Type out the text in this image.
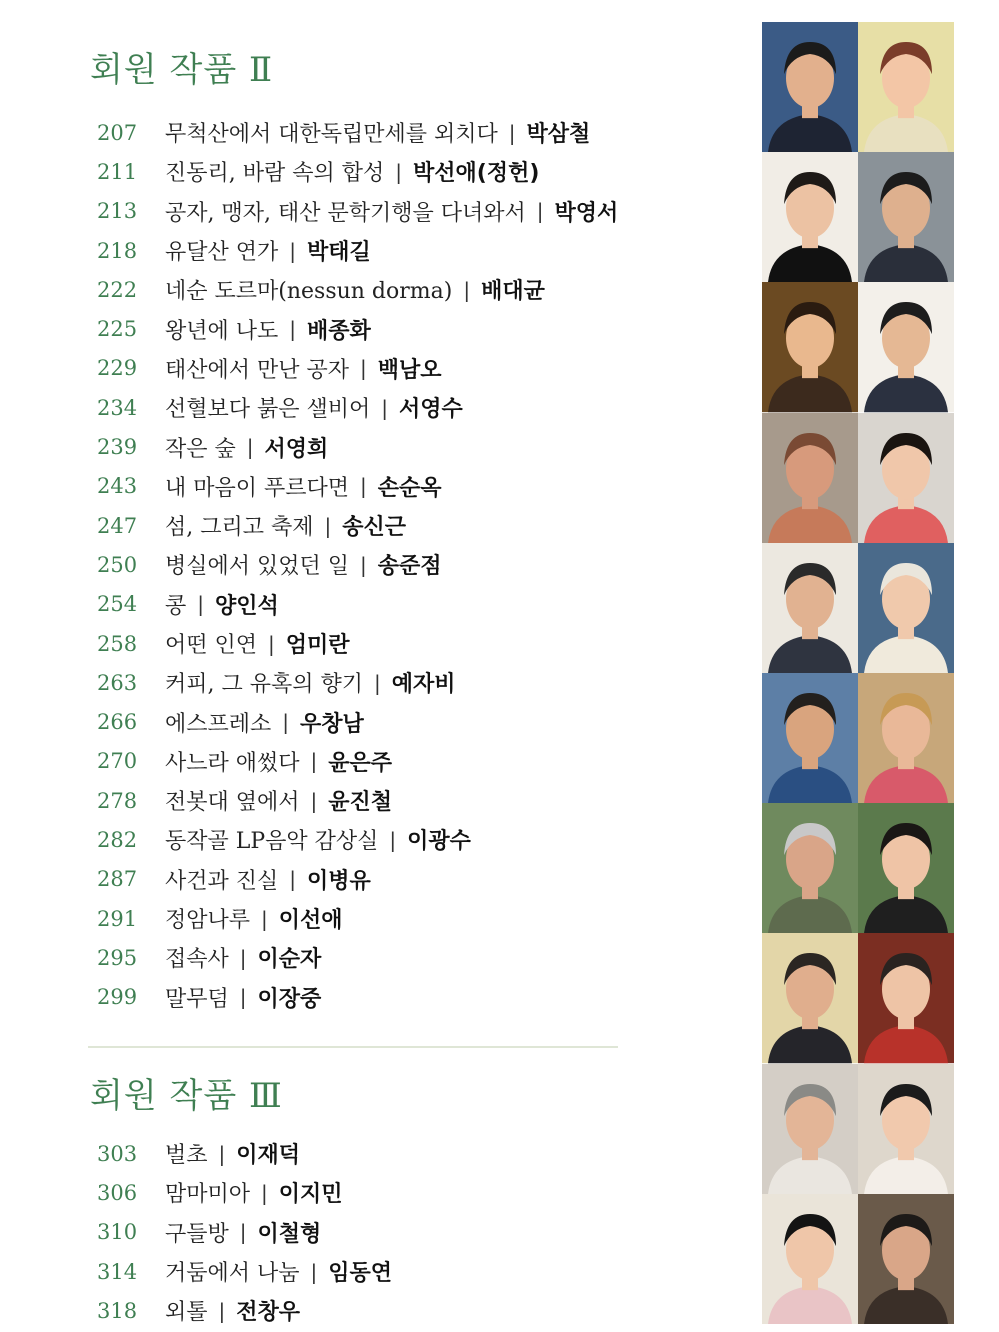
회원 작품 Ⅱ
207	무척산에서 대한독립만세를 외치다 | 박삼철
211	진동리, 바람 속의 합성 | 박선애(정헌)
213	공자, 맹자, 태산 문학기행을 다녀와서 | 박영서
218	유달산 연가 | 박태길
222	네순 도르마(nessun dorma) | 배대균
225	왕년에 나도 | 배종화
229	태산에서 만난 공자 | 백남오
234	선혈보다 붉은 샐비어 | 서영수
239	작은 숲 | 서영희
243	내 마음이 푸르다면 | 손순옥
247	섬, 그리고 축제 | 송신근
250	병실에서 있었던 일 | 송준점
254	콩 | 양인석
258	어떤 인연 | 엄미란
263	커피, 그 유혹의 향기 | 예자비
266	에스프레소 | 우창남
270	사느라 애썼다 | 윤은주
278	전봇대 옆에서 | 윤진철
282	동작골 LP음악 감상실 | 이광수
287	사건과 진실 | 이병유
291	정암나루 | 이선애
295	접속사 | 이순자
299	말무덤 | 이장중
회원 작품 Ⅲ
303	벌초 | 이재덕
306	맘마미아 | 이지민
310	구들방 | 이철형
314	거둠에서 나눔 | 임동연
318	외톨 | 전창우
